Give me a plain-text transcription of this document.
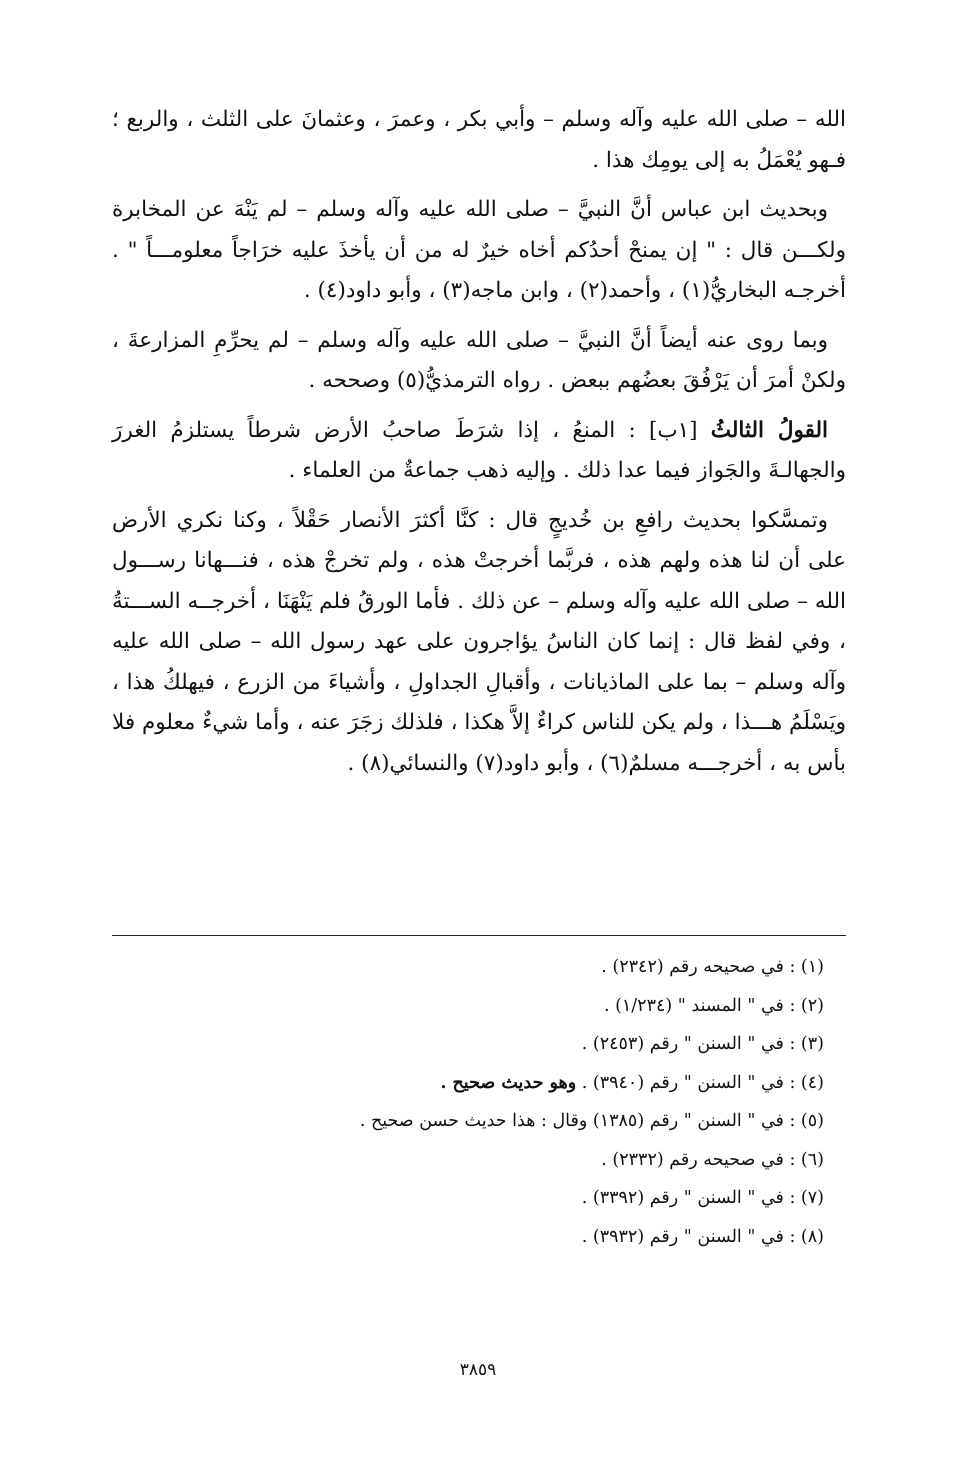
الله – صلى الله عليه وآله وسلم – وأبي بكر ، وعمرَ ، وعثمانَ على الثلث ، والربع ؛ فـهو يُعْمَلُ به إلى يومِك هذا .

وبحديث ابن عباس أنَّ النبيَّ – صلى الله عليه وآله وسلم – لم يَنْهَ عن المخابرة ولكـــن قال : " إن يمنحْ أحدُكم أخاه خيرٌ له من أن يأخذَ عليه خرَاجاً معلومـــاً " . أخرجـه البخاريُّ(١) ، وأحمد(٢) ، وابن ماجه(٣) ، وأبو داود(٤) .

وبما روى عنه أيضاً أنَّ النبيَّ – صلى الله عليه وآله وسلم – لم يحرِّمِ المزارعةَ ، ولكنْ أمرَ أن يَرْفُقَ بعضُهم ببعض . رواه الترمذيُّ(٥) وصححه .

القولُ الثالثُ [١ب] : المنعُ ، إذا شرَطَ صاحبُ الأرض شرطاً يستلزمُ الغررَ والجهالـةَ والجَواز فيما عدا ذلك . وإليه ذهب جماعةٌ من العلماء .

وتمسَّكوا بحديث رافعِ بن خُديجٍ قال : كنَّا أكثرَ الأنصار حَقْلاً ، وكنا نكري الأرض على أن لنا هذه ولهم هذه ، فربَّما أخرجتْ هذه ، ولم تخرجْ هذه ، فنـــهانا رســـول الله – صلى الله عليه وآله وسلم – عن ذلك . فأما الورقُ فلم يَنْهَنَا ، أخرجــه الســـتةُ ، وفي لفظ قال : إنما كان الناسُ يؤاجرون على عهد رسول الله – صلى الله عليه وآله وسلم – بما على الماذيانات ، وأقبالِ الجداولِ ، وأشياءَ من الزرع ، فيهلكُ هذا ، ويَسْلَمُ هـــذا ، ولم يكن للناس كراءٌ إلاَّ هكذا ، فلذلك زجَرَ عنه ، وأما شيءٌ معلوم فلا بأس به ، أخرجـــه مسلمٌ(٦) ، وأبو داود(٧) والنسائي(٨) .

(١) : في صحيحه رقم (٢٣٤٢) .

(٢) : في " المسند " (١/٢٣٤) .

(٣) : في " السنن " رقم (٢٤٥٣) .

(٤) : في " السنن " رقم (٣٩٤٠) . وهو حديث صحيح .

(٥) : في " السنن " رقم (١٣٨٥) وقال : هذا حديث حسن صحيح .

(٦) : في صحيحه رقم (٢٣٣٢) .

(٧) : في " السنن " رقم (٣٣٩٢) .

(٨) : في " السنن " رقم (٣٩٣٢) .

٣٨٥٩
